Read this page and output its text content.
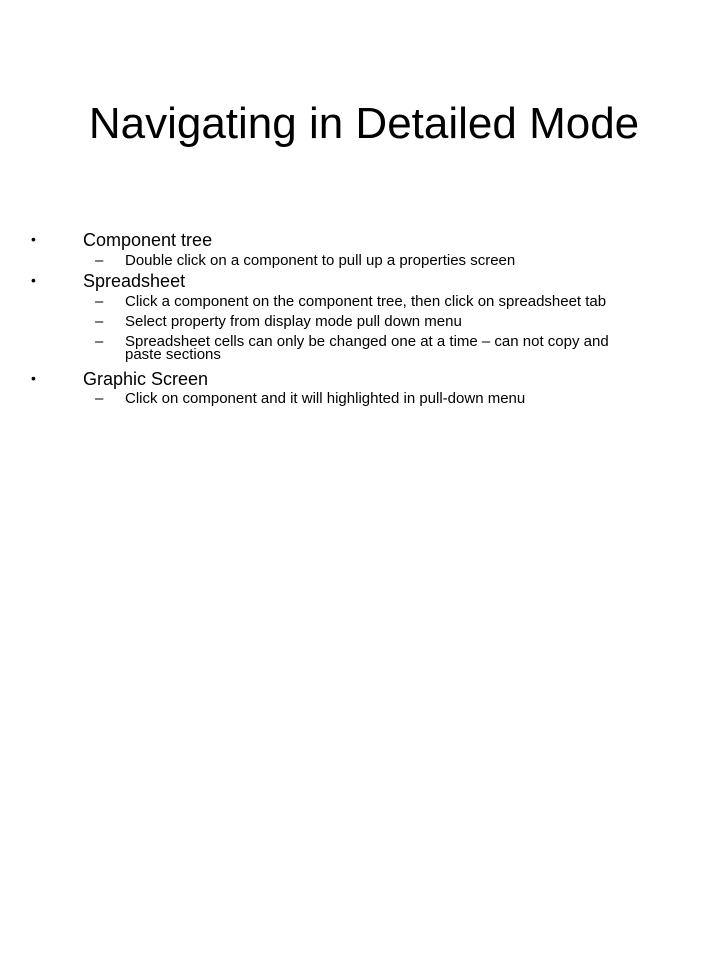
Navigating in Detailed Mode
•	Component tree
– Double click on a component to pull up a properties screen
•	Spreadsheet
– Click a component on the component tree, then click on spreadsheet tab
– Select property from display mode pull down menu
– Spreadsheet cells can only be changed one at a time – can not copy and
paste sections
•	Graphic Screen
– Click on component and it will highlighted in pull-down menu
